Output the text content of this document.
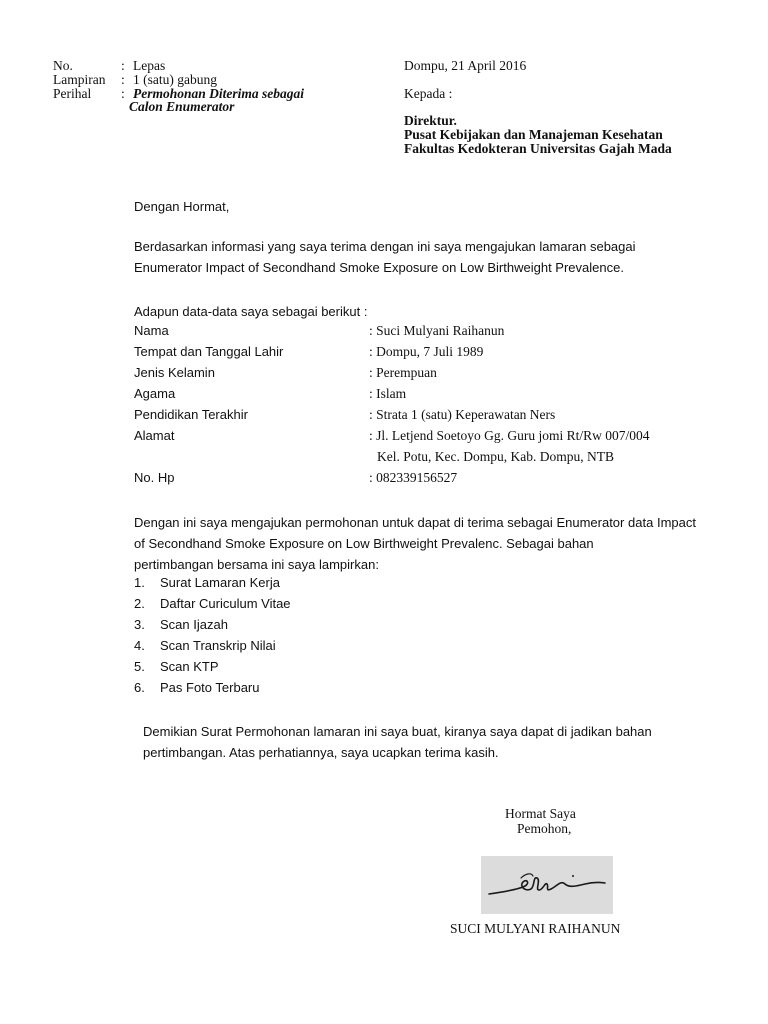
No.	: Lepas
Lampiran : 1 (satu) gabung
Perihal : Permohonan Diterima sebagai
Calon Enumerator
Dompu, 21 April 2016
Kepada :
Direktur.
Pusat Kebijakan dan Manajeman Kesehatan
Fakultas Kedokteran Universitas Gajah Mada
Dengan Hormat,
Berdasarkan informasi yang saya terima dengan ini saya mengajukan lamaran sebagai
Enumerator Impact of Secondhand Smoke Exposure on Low Birthweight Prevalence.
Adapun data-data saya sebagai berikut :
Nama	: Suci Mulyani Raihanun
Tempat dan Tanggal Lahir	: Dompu, 7 Juli 1989
Jenis Kelamin	: Perempuan
Agama	: Islam
Pendidikan Terakhir	: Strata 1 (satu) Keperawatan Ners
Alamat	: Jl. Letjend Soetoyo Gg. Guru jomi Rt/Rw 007/004
Kel. Potu, Kec. Dompu, Kab. Dompu, NTB
No. Hp	: 082339156527
Dengan ini saya mengajukan permohonan untuk dapat di terima sebagai Enumerator data Impact of Secondhand Smoke Exposure on Low Birthweight Prevalenc. Sebagai bahan
pertimbangan bersama ini saya lampirkan:
1. Surat Lamaran Kerja
2. Daftar Curiculum Vitae
3. Scan Ijazah
4. Scan Transkrip Nilai
5. Scan KTP
6. Pas Foto Terbaru
Demikian Surat Permohonan lamaran ini saya buat, kiranya saya dapat di jadikan bahan
pertimbangan. Atas perhatiannya, saya ucapkan terima kasih.
Hormat Saya
Pemohon,
SUCI MULYANI RAIHANUN
